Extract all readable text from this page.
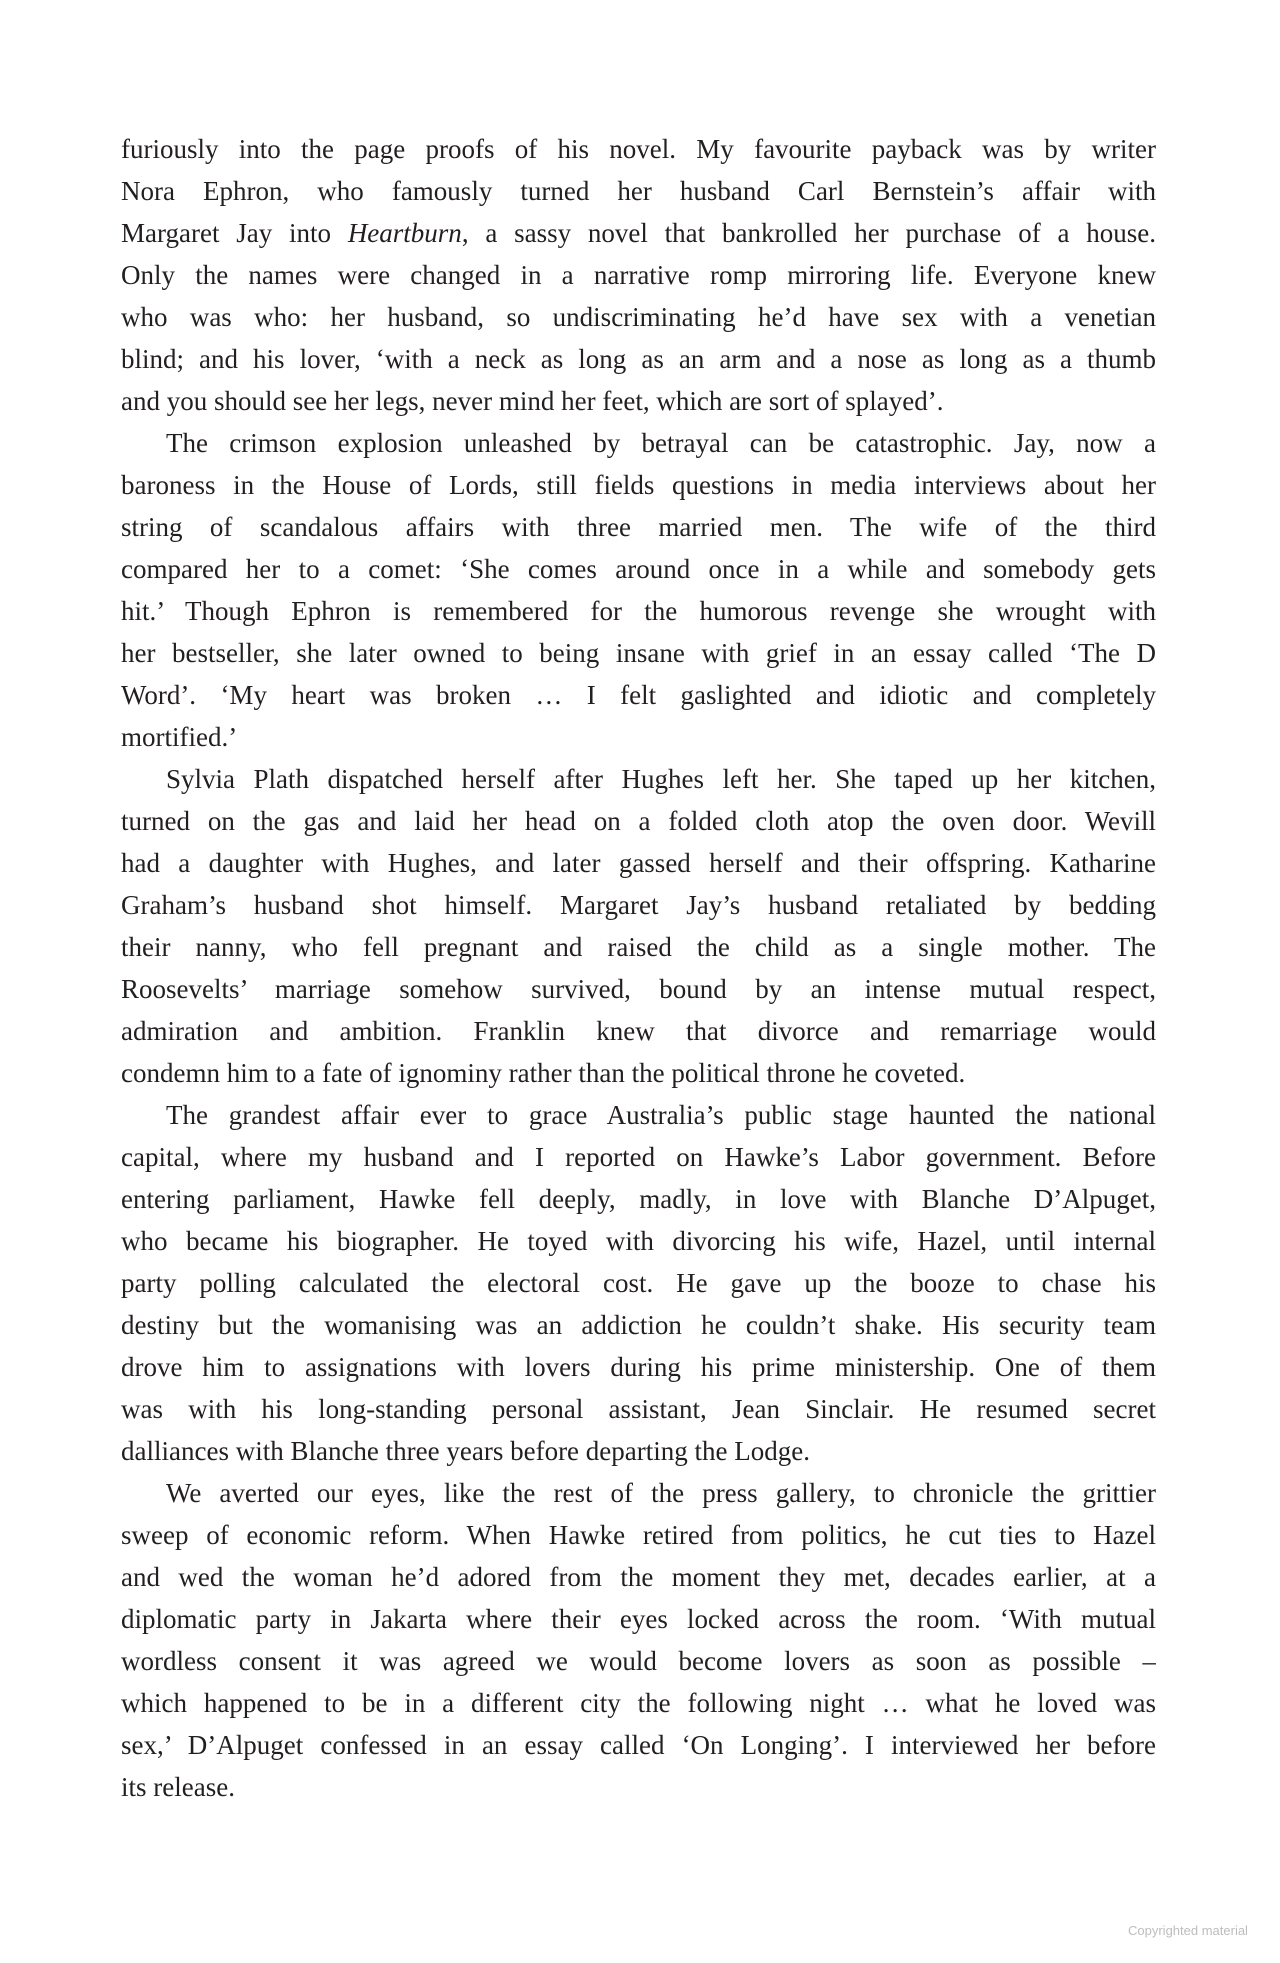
furiously into the page proofs of his novel. My favourite payback was by writer
Nora Ephron, who famously turned her husband Carl Bernstein’s affair with
Margaret Jay into Heartburn, a sassy novel that bankrolled her purchase of a house.
Only the names were changed in a narrative romp mirroring life. Everyone knew
who was who: her husband, so undiscriminating he’d have sex with a venetian
blind; and his lover, ‘with a neck as long as an arm and a nose as long as a thumb
and you should see her legs, never mind her feet, which are sort of splayed’.
The crimson explosion unleashed by betrayal can be catastrophic. Jay, now a
baroness in the House of Lords, still fields questions in media interviews about her
string of scandalous affairs with three married men. The wife of the third
compared her to a comet: ‘She comes around once in a while and somebody gets
hit.’ Though Ephron is remembered for the humorous revenge she wrought with
her bestseller, she later owned to being insane with grief in an essay called ‘The D
Word’. ‘My heart was broken … I felt gaslighted and idiotic and completely
mortified.’
Sylvia Plath dispatched herself after Hughes left her. She taped up her kitchen,
turned on the gas and laid her head on a folded cloth atop the oven door. Wevill
had a daughter with Hughes, and later gassed herself and their offspring. Katharine
Graham’s husband shot himself. Margaret Jay’s husband retaliated by bedding
their nanny, who fell pregnant and raised the child as a single mother. The
Roosevelts’ marriage somehow survived, bound by an intense mutual respect,
admiration and ambition. Franklin knew that divorce and remarriage would
condemn him to a fate of ignominy rather than the political throne he coveted.
The grandest affair ever to grace Australia’s public stage haunted the national
capital, where my husband and I reported on Hawke’s Labor government. Before
entering parliament, Hawke fell deeply, madly, in love with Blanche D’Alpuget,
who became his biographer. He toyed with divorcing his wife, Hazel, until internal
party polling calculated the electoral cost. He gave up the booze to chase his
destiny but the womanising was an addiction he couldn’t shake. His security team
drove him to assignations with lovers during his prime ministership. One of them
was with his long-standing personal assistant, Jean Sinclair. He resumed secret
dalliances with Blanche three years before departing the Lodge.
We averted our eyes, like the rest of the press gallery, to chronicle the grittier
sweep of economic reform. When Hawke retired from politics, he cut ties to Hazel
and wed the woman he’d adored from the moment they met, decades earlier, at a
diplomatic party in Jakarta where their eyes locked across the room. ‘With mutual
wordless consent it was agreed we would become lovers as soon as possible –
which happened to be in a different city the following night … what he loved was
sex,’ D’Alpuget confessed in an essay called ‘On Longing’. I interviewed her before
its release.
Copyrighted material
